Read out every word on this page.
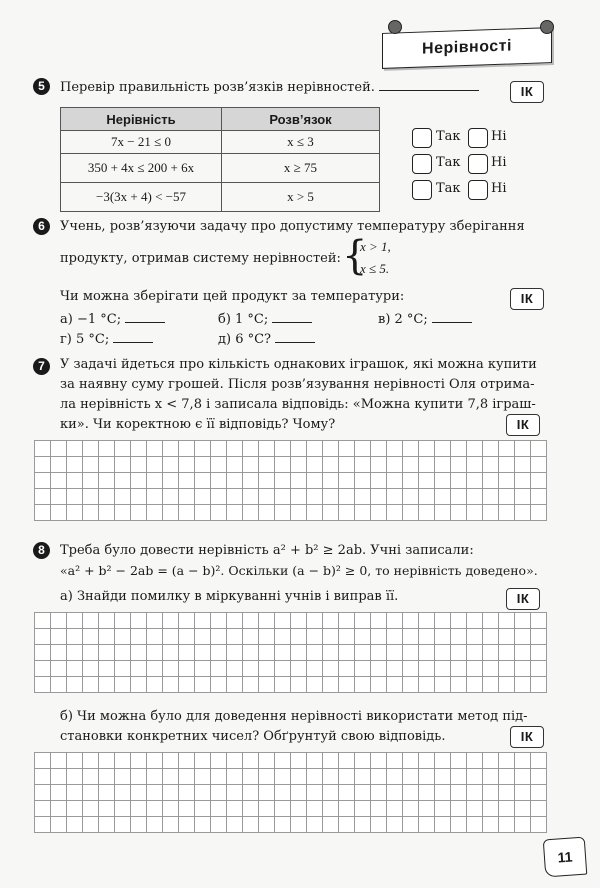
Нерівності
5	Перевір правильність розв’язків нерівностей.	ІК
Нерівність	Розв’язок
7x − 21 ≤ 0	x ≤ 3
350 + 4x ≤ 200 + 6x	x ≥ 75
−3(3x + 4) < −57	x > 5
Так Ні
Так Ні
Так Ні
6	Учень, розв’язуючи задачу про допустиму температуру зберігання
продукту, отримав систему нерівностей: {
x > 1,
x ≤ 5.
Чи можна зберігати цей продукт за температури:	ІК
а) −1 °C;	б) 1 °C;	в) 2 °C;
г) 5 °C;	д) 6 °C?
7	У задачі йдеться про кількість однакових іграшок, які можна купити
за наявну суму грошей. Після розв’язування нерівності Оля отрима-
ла нерівність x < 7,8 і записала відповідь: «Можна купити 7,8 іграш-
ки». Чи коректною є її відповідь? Чому?	ІК
8	Треба було довести нерівність a² + b² ≥ 2ab. Учні записали:
«a² + b² − 2ab = (a − b)². Оскільки (a − b)² ≥ 0, то нерівність доведено».
а) Знайди помилку в міркуванні учнів і виправ її.	ІК
б) Чи можна було для доведення нерівності використати метод під-
становки конкретних чисел? Обґрунтуй свою відповідь.	ІК
11
